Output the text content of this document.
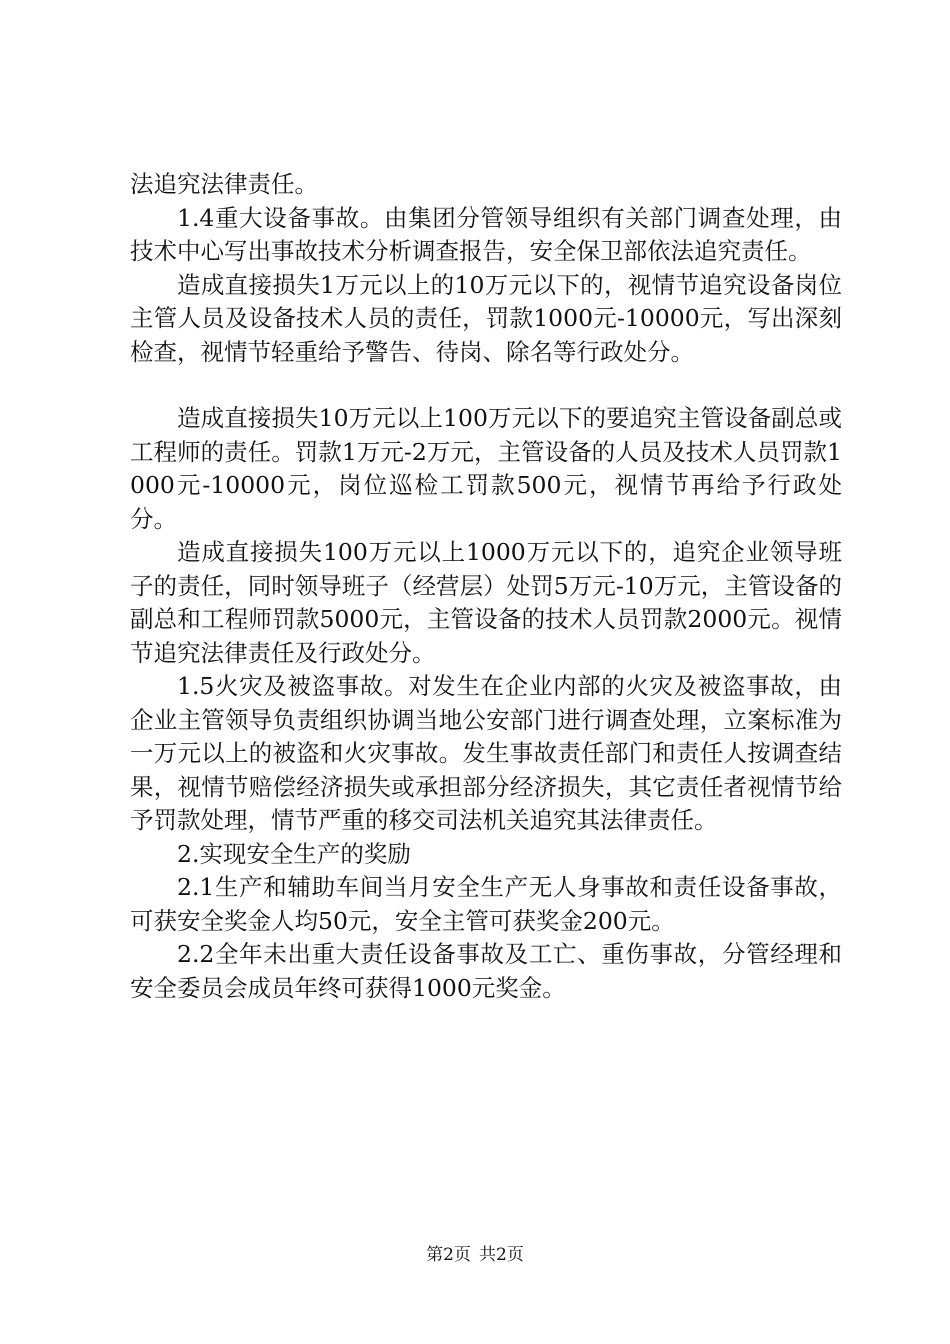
法追究法律责任。

1.4重大设备事故。由集团分管领导组织有关部门调查处理，由技术中心写出事故技术分析调查报告，安全保卫部依法追究责任。

造成直接损失1万元以上的10万元以下的，视情节追究设备岗位主管人员及设备技术人员的责任，罚款1000元-10000元，写出深刻检查，视情节轻重给予警告、待岗、除名等行政处分。

造成直接损失10万元以上100万元以下的要追究主管设备副总或工程师的责任。罚款1万元-2万元，主管设备的人员及技术人员罚款1000元-10000元，岗位巡检工罚款500元，视情节再给予行政处分。

造成直接损失100万元以上1000万元以下的，追究企业领导班子的责任，同时领导班子（经营层）处罚5万元-10万元，主管设备的副总和工程师罚款5000元，主管设备的技术人员罚款2000元。视情节追究法律责任及行政处分。

1.5火灾及被盗事故。对发生在企业内部的火灾及被盗事故，由企业主管领导负责组织协调当地公安部门进行调查处理，立案标准为一万元以上的被盗和火灾事故。发生事故责任部门和责任人按调查结果，视情节赔偿经济损失或承担部分经济损失，其它责任者视情节给予罚款处理，情节严重的移交司法机关追究其法律责任。

2.实现安全生产的奖励

2.1生产和辅助车间当月安全生产无人身事故和责任设备事故，可获安全奖金人均50元，安全主管可获奖金200元。

2.2全年未出重大责任设备事故及工亡、重伤事故，分管经理和安全委员会成员年终可获得1000元奖金。

第2页 共2页
